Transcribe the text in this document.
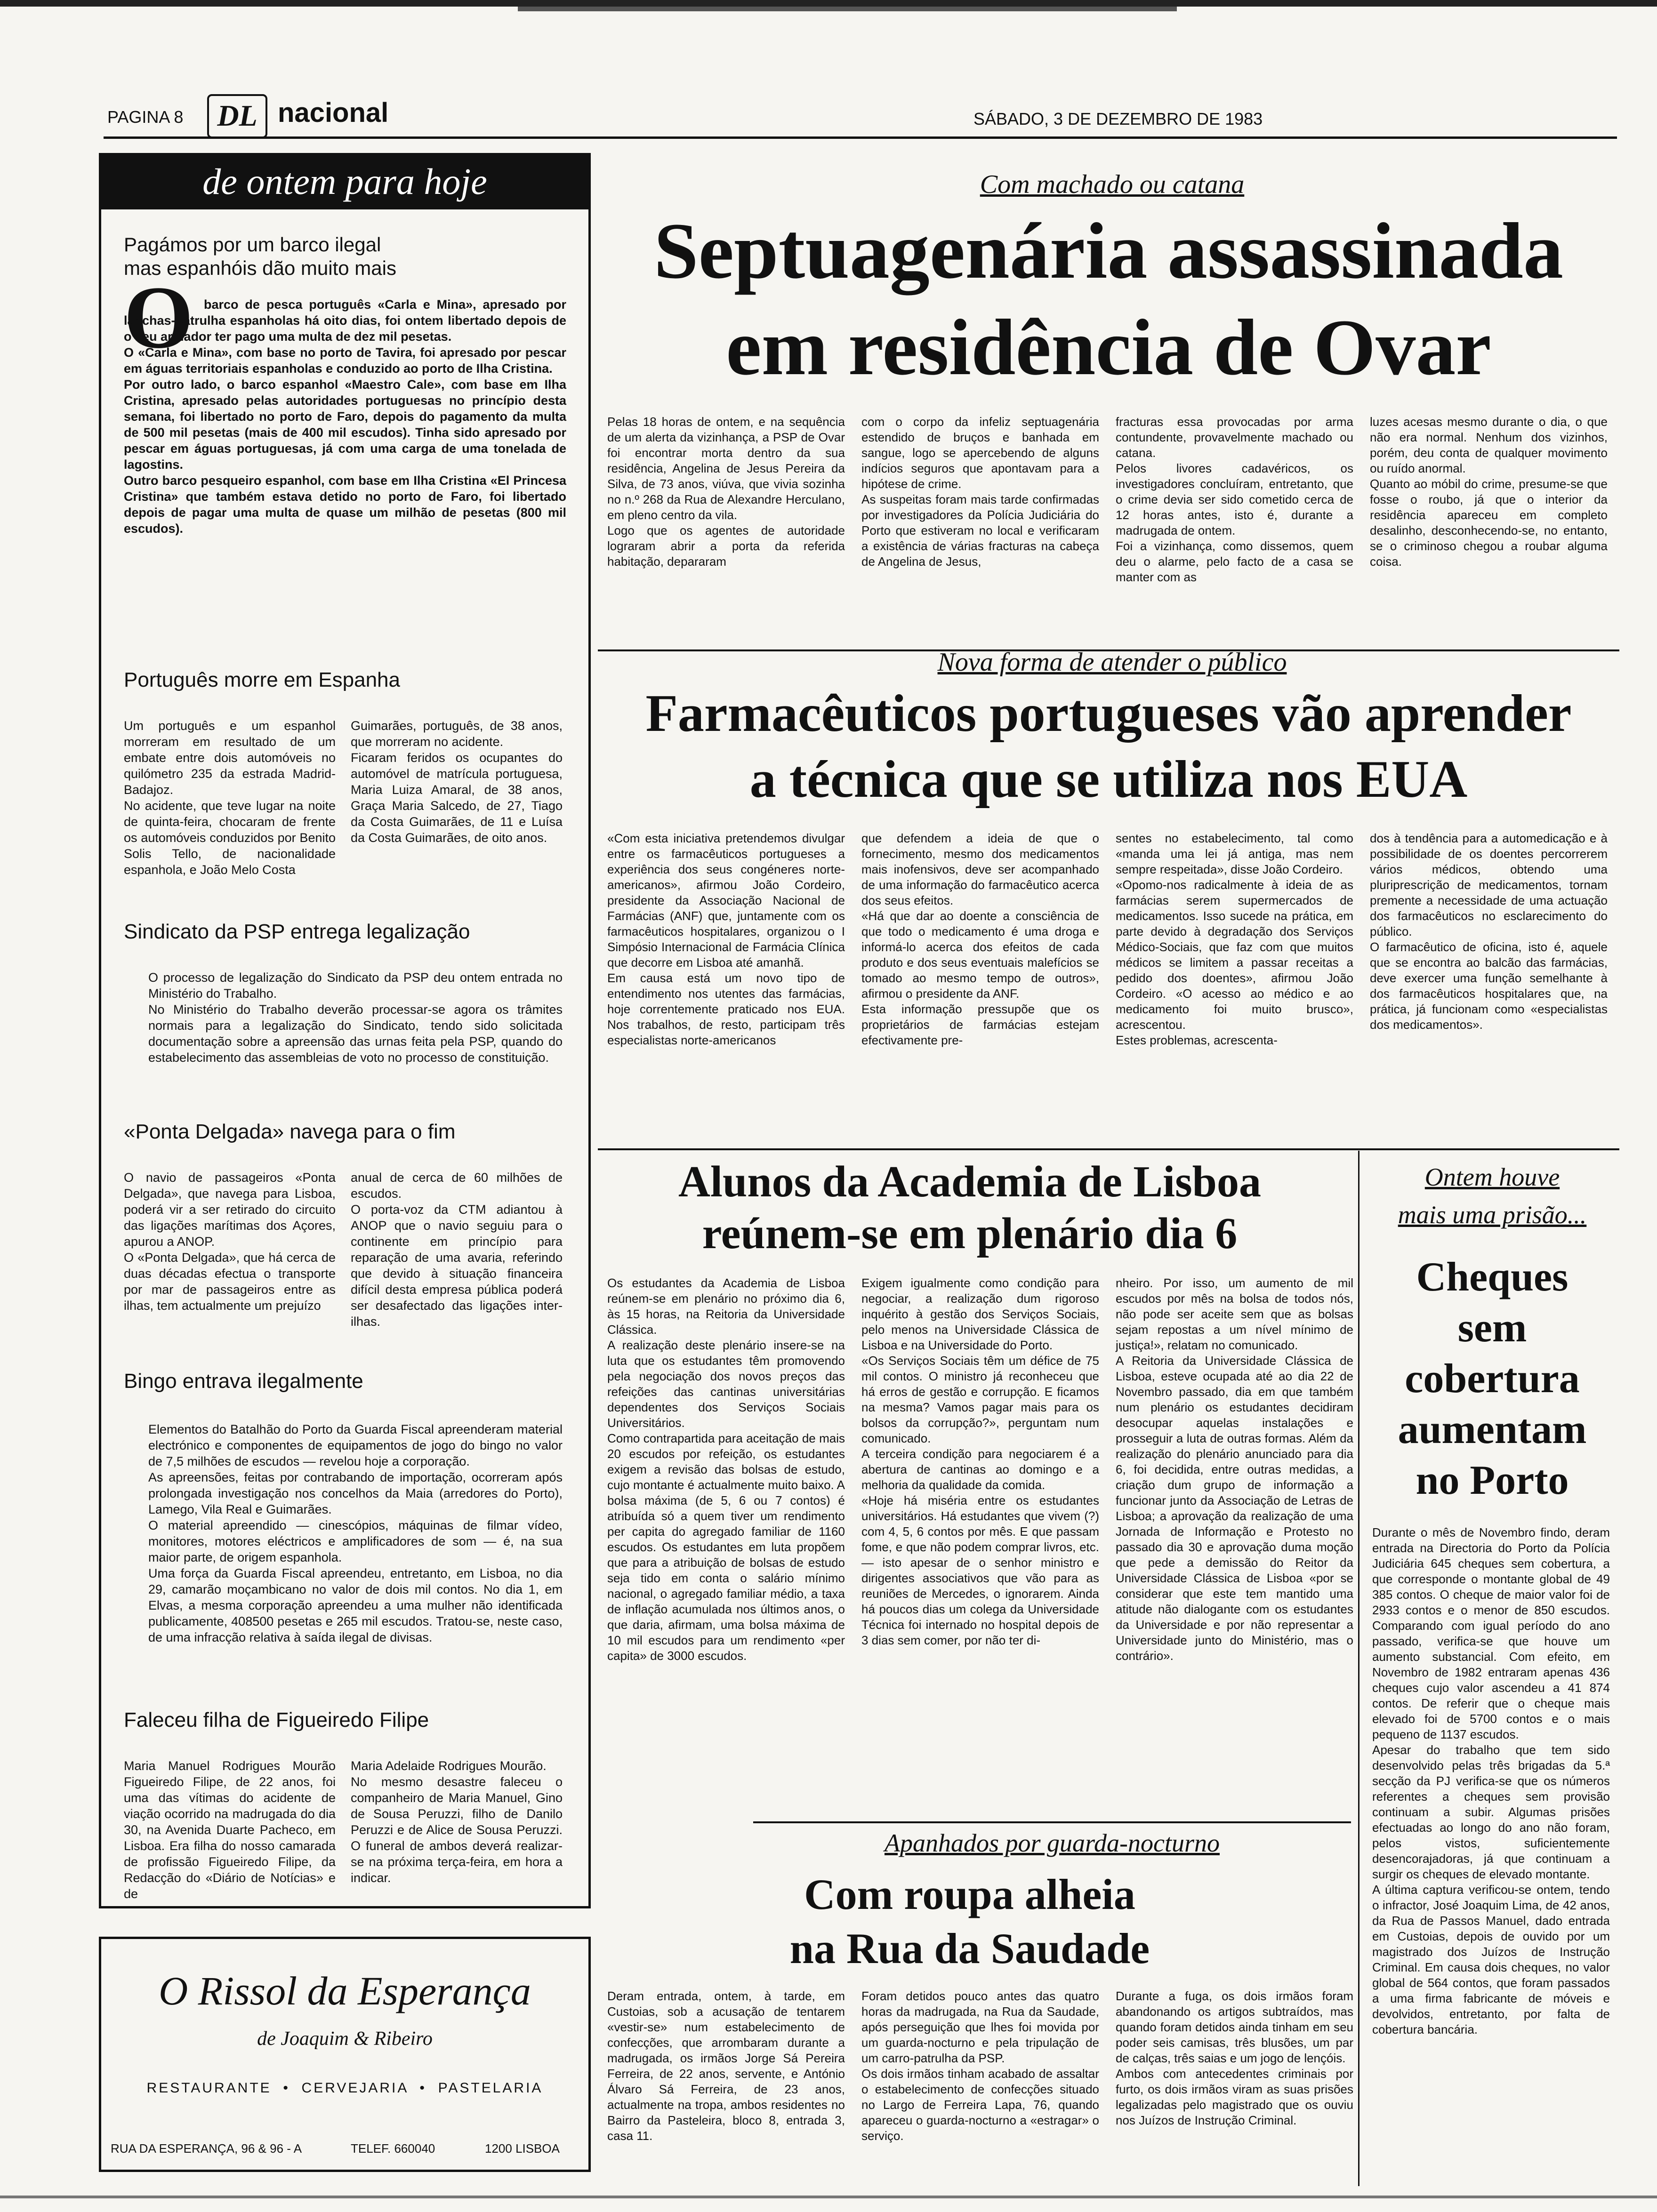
PAGINA 8	DL nacional	SÁBADO, 3 DE DEZEMBRO DE 1983
de ontem para hoje
Pagámos por um barco ilegal
mas espanhóis dão muito mais
O barco de pesca português «Carla e Mina», apresado por lanchas-patrulha espanholas há oito dias, foi ontem libertado depois de o seu armador ter pago uma multa de dez mil pesetas.
O «Carla e Mina», com base no porto de Tavira, foi apresado por pescar em águas territoriais espanholas e conduzido ao porto de Ilha Cristina.
Por outro lado, o barco espanhol «Maestro Cale», com base em Ilha Cristina, apresado pelas autoridades portuguesas no princípio desta semana, foi libertado no porto de Faro, depois do pagamento da multa de 500 mil pesetas (mais de 400 mil escudos). Tinha sido apresado por pescar em águas portuguesas, já com uma carga de uma tonelada de lagostins.
Outro barco pesqueiro espanhol, com base em Ilha Cristina «El Princesa Cristina» que também estava detido no porto de Faro, foi libertado depois de pagar uma multa de quase um milhão de pesetas (800 mil escudos).
Português morre em Espanha
Um português e um espanhol morreram em resultado de um embate entre dois automóveis no quilómetro 235 da estrada Madrid-Badajoz.
No acidente, que teve lugar na noite de quinta-feira, chocaram de frente os automóveis conduzidos por Benito Solis Tello, de nacionalidade espanhola, e João Melo Costa
Guimarães, português, de 38 anos, que morreram no acidente.
Ficaram feridos os ocupantes do automóvel de matrícula portuguesa, Maria Luiza Amaral, de 38 anos, Graça Maria Salcedo, de 27, Tiago da Costa Guimarães, de 11 e Luísa da Costa Guimarães, de oito anos.
Sindicato da PSP entrega legalização
O processo de legalização do Sindicato da PSP deu ontem entrada no Ministério do Trabalho.
No Ministério do Trabalho deverão processar-se agora os trâmites normais para a legalização do Sindicato, tendo sido solicitada documentação sobre a apreensão das urnas feita pela PSP, quando do estabelecimento das assembleias de voto no processo de constituição.
«Ponta Delgada» navega para o fim
O navio de passageiros «Ponta Delgada», que navega para Lisboa, poderá vir a ser retirado do circuito das ligações marítimas dos Açores, apurou a ANOP.
O «Ponta Delgada», que há cerca de duas décadas efectua o transporte por mar de passageiros entre as ilhas, tem actualmente um prejuízo
anual de cerca de 60 milhões de escudos.
O porta-voz da CTM adiantou à ANOP que o navio seguiu para o continente em princípio para reparação de uma avaria, referindo que devido à situação financeira difícil desta empresa pública poderá ser desafectado das ligações inter-ilhas.
Bingo entrava ilegalmente
Elementos do Batalhão do Porto da Guarda Fiscal apreenderam material electrónico e componentes de equipamentos de jogo do bingo no valor de 7,5 milhões de escudos — revelou hoje a corporação.
As apreensões, feitas por contrabando de importação, ocorreram após prolongada investigação nos concelhos da Maia (arredores do Porto), Lamego, Vila Real e Guimarães.
O material apreendido — cinescópios, máquinas de filmar vídeo, monitores, motores eléctricos e amplificadores de som — é, na sua maior parte, de origem espanhola.
Uma força da Guarda Fiscal apreendeu, entretanto, em Lisboa, no dia 29, camarão moçambicano no valor de dois mil contos. No dia 1, em Elvas, a mesma corporação apreendeu a uma mulher não identificada publicamente, 408500 pesetas e 265 mil escudos. Tratou-se, neste caso, de uma infracção relativa à saída ilegal de divisas.
Faleceu filha de Figueiredo Filipe
Maria Manuel Rodrigues Mourão Figueiredo Filipe, de 22 anos, foi uma das vítimas do acidente de viação ocorrido na madrugada do dia 30, na Avenida Duarte Pacheco, em Lisboa. Era filha do nosso camarada de profissão Figueiredo Filipe, da Redacção do «Diário de Notícias» e de
Maria Adelaide Rodrigues Mourão.
No mesmo desastre faleceu o companheiro de Maria Manuel, Gino de Sousa Peruzzi, filho de Danilo Peruzzi e de Alice de Sousa Peruzzi. O funeral de ambos deverá realizar-se na próxima terça-feira, em hora a indicar.
O Rissol da Esperança
de Joaquim & Ribeiro
RESTAURANTE  •  CERVEJARIA  •  PASTELARIA
RUA DA ESPERANÇA, 96 & 96 - A	TELEF. 660040	1200 LISBOA
Com machado ou catana
Septuagenária assassinada
em residência de Ovar
Pelas 18 horas de ontem, e na sequência de um alerta da vizinhança, a PSP de Ovar foi encontrar morta dentro da sua residência, Angelina de Jesus Pereira da Silva, de 73 anos, viúva, que vivia sozinha no n.º 268 da Rua de Alexandre Herculano, em pleno centro da vila.
Logo que os agentes de autoridade lograram abrir a porta da referida habitação, depararam
com o corpo da infeliz septuagenária estendido de bruços e banhada em sangue, logo se apercebendo de alguns indícios seguros que apontavam para a hipótese de crime.
As suspeitas foram mais tarde confirmadas por investigadores da Polícia Judiciária do Porto que estiveram no local e verificaram a existência de várias fracturas na cabeça de Angelina de Jesus,
fracturas essa provocadas por arma contundente, provavelmente machado ou catana.
Pelos livores cadavéricos, os investigadores concluíram, entretanto, que o crime devia ser sido cometido cerca de 12 horas antes, isto é, durante a madrugada de ontem.
Foi a vizinhança, como dissemos, quem deu o alarme, pelo facto de a casa se manter com as
luzes acesas mesmo durante o dia, o que não era normal. Nenhum dos vizinhos, porém, deu conta de qualquer movimento ou ruído anormal.
Quanto ao móbil do crime, presume-se que fosse o roubo, já que o interior da residência apareceu em completo desalinho, desconhecendo-se, no entanto, se o criminoso chegou a roubar alguma coisa.
Nova forma de atender o público
Farmacêuticos portugueses vão aprender
a técnica que se utiliza nos EUA
«Com esta iniciativa pretendemos divulgar entre os farmacêuticos portugueses a experiência dos seus congéneres norte-americanos», afirmou João Cordeiro, presidente da Associação Nacional de Farmácias (ANF) que, juntamente com os farmacêuticos hospitalares, organizou o I Simpósio Internacional de Farmácia Clínica que decorre em Lisboa até amanhã.
Em causa está um novo tipo de entendimento nos utentes das farmácias, hoje correntemente praticado nos EUA. Nos trabalhos, de resto, participam três especialistas norte-americanos
que defendem a ideia de que o fornecimento, mesmo dos medicamentos mais inofensivos, deve ser acompanhado de uma informação do farmacêutico acerca dos seus efeitos.
«Há que dar ao doente a consciência de que todo o medicamento é uma droga e informá-lo acerca dos efeitos de cada produto e dos seus eventuais malefícios se tomado ao mesmo tempo de outros», afirmou o presidente da ANF.
Esta informação pressupõe que os proprietários de farmácias estejam efectivamente pre-
sentes no estabelecimento, tal como «manda uma lei já antiga, mas nem sempre respeitada», disse João Cordeiro.
«Opomo-nos radicalmente à ideia de as farmácias serem supermercados de medicamentos. Isso sucede na prática, em parte devido à degradação dos Serviços Médico-Sociais, que faz com que muitos médicos se limitem a passar receitas a pedido dos doentes», afirmou João Cordeiro. «O acesso ao médico e ao medicamento foi muito brusco», acrescentou.
Estes problemas, acrescenta-
dos à tendência para a automedicação e à possibilidade de os doentes percorrerem vários médicos, obtendo uma pluriprescrição de medicamentos, tornam premente a necessidade de uma actuação dos farmacêuticos no esclarecimento do público.
O farmacêutico de oficina, isto é, aquele que se encontra ao balcão das farmácias, deve exercer uma função semelhante à dos farmacêuticos hospitalares que, na prática, já funcionam como «especialistas dos medicamentos».
Alunos da Academia de Lisboa
reúnem-se em plenário dia 6
Os estudantes da Academia de Lisboa reúnem-se em plenário no próximo dia 6, às 15 horas, na Reitoria da Universidade Clássica.
A realização deste plenário insere-se na luta que os estudantes têm promovendo pela negociação dos novos preços das refeições das cantinas universitárias dependentes dos Serviços Sociais Universitários.
Como contrapartida para aceitação de mais 20 escudos por refeição, os estudantes exigem a revisão das bolsas de estudo, cujo montante é actualmente muito baixo. A bolsa máxima (de 5, 6 ou 7 contos) é atribuída só a quem tiver um rendimento per capita do agregado familiar de 1160 escudos. Os estudantes em luta propõem que para a atribuição de bolsas de estudo seja tido em conta o salário mínimo nacional, o agregado familiar médio, a taxa de inflação acumulada nos últimos anos, o que daria, afirmam, uma bolsa máxima de 10 mil escudos para um rendimento «per capita» de 3000 escudos.
Exigem igualmente como condição para negociar, a realização dum rigoroso inquérito à gestão dos Serviços Sociais, pelo menos na Universidade Clássica de Lisboa e na Universidade do Porto.
«Os Serviços Sociais têm um défice de 75 mil contos. O ministro já reconheceu que há erros de gestão e corrupção. E ficamos na mesma? Vamos pagar mais para os bolsos da corrupção?», perguntam num comunicado.
A terceira condição para negociarem é a abertura de cantinas ao domingo e a melhoria da qualidade da comida.
«Hoje há miséria entre os estudantes universitários. Há estudantes que vivem (?) com 4, 5, 6 contos por mês. E que passam fome, e que não podem comprar livros, etc. — isto apesar de o senhor ministro e dirigentes associativos que vão para as reuniões de Mercedes, o ignorarem. Ainda há poucos dias um colega da Universidade Técnica foi internado no hospital depois de 3 dias sem comer, por não ter di-
nheiro. Por isso, um aumento de mil escudos por mês na bolsa de todos nós, não pode ser aceite sem que as bolsas sejam repostas a um nível mínimo de justiça!», relatam no comunicado.
A Reitoria da Universidade Clássica de Lisboa, esteve ocupada até ao dia 22 de Novembro passado, dia em que também num plenário os estudantes decidiram desocupar aquelas instalações e prosseguir a luta de outras formas. Além da realização do plenário anunciado para dia 6, foi decidida, entre outras medidas, a criação dum grupo de informação a funcionar junto da Associação de Letras de Lisboa; a aprovação da realização de uma Jornada de Informação e Protesto no passado dia 30 e aprovação duma moção que pede a demissão do Reitor da Universidade Clássica de Lisboa «por se considerar que este tem mantido uma atitude não dialogante com os estudantes da Universidade e por não representar a Universidade junto do Ministério, mas o contrário».
Ontem houve
mais uma prisão...
Cheques
sem
cobertura
aumentam
no Porto
Durante o mês de Novembro findo, deram entrada na Directoria do Porto da Polícia Judiciária 645 cheques sem cobertura, a que corresponde o montante global de 49 385 contos. O cheque de maior valor foi de 2933 contos e o menor de 850 escudos. Comparando com igual período do ano passado, verifica-se que houve um aumento substancial. Com efeito, em Novembro de 1982 entraram apenas 436 cheques cujo valor ascendeu a 41 874 contos. De referir que o cheque mais elevado foi de 5700 contos e o mais pequeno de 1137 escudos.
Apesar do trabalho que tem sido desenvolvido pelas três brigadas da 5.ª secção da PJ verifica-se que os números referentes a cheques sem provisão continuam a subir. Algumas prisões efectuadas ao longo do ano não foram, pelos vistos, suficientemente desencorajadoras, já que continuam a surgir os cheques de elevado montante.
A última captura verificou-se ontem, tendo o infractor, José Joaquim Lima, de 42 anos, da Rua de Passos Manuel, dado entrada em Custoias, depois de ouvido por um magistrado dos Juízos de Instrução Criminal. Em causa dois cheques, no valor global de 564 contos, que foram passados a uma firma fabricante de móveis e devolvidos, entretanto, por falta de cobertura bancária.
Apanhados por guarda-nocturno
Com roupa alheia
na Rua da Saudade
Deram entrada, ontem, à tarde, em Custoias, sob a acusação de tentarem «vestir-se» num estabelecimento de confecções, que arrombaram durante a madrugada, os irmãos Jorge Sá Pereira Ferreira, de 22 anos, servente, e António Álvaro Sá Ferreira, de 23 anos, actualmente na tropa, ambos residentes no Bairro da Pasteleira, bloco 8, entrada 3, casa 11.
Foram detidos pouco antes das quatro horas da madrugada, na Rua da Saudade, após perseguição que lhes foi movida por um guarda-nocturno e pela tripulação de um carro-patrulha da PSP.
Os dois irmãos tinham acabado de assaltar o estabelecimento de confecções situado no Largo de Ferreira Lapa, 76, quando apareceu o guarda-nocturno a «estragar» o serviço.
Durante a fuga, os dois irmãos foram abandonando os artigos subtraídos, mas quando foram detidos ainda tinham em seu poder seis camisas, três blusões, um par de calças, três saias e um jogo de lençóis.
Ambos com antecedentes criminais por furto, os dois irmãos viram as suas prisões legalizadas pelo magistrado que os ouviu nos Juízos de Instrução Criminal.
